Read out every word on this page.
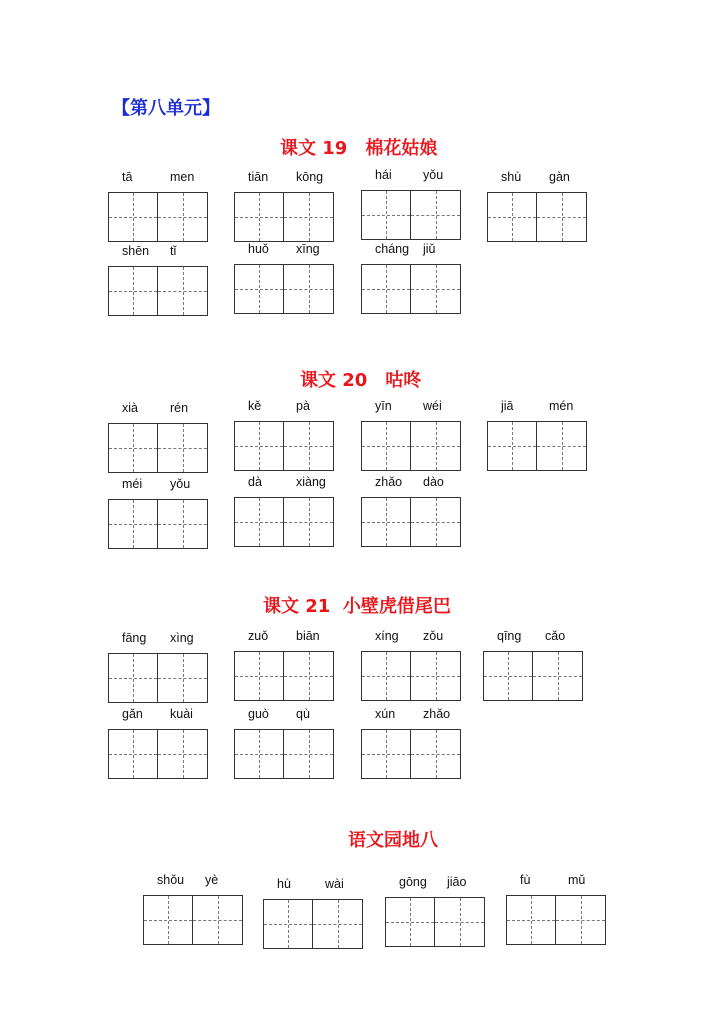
【第八单元】
课文 19　棉花姑娘
课文 20　咕咚
课文 21  小壁虎借尾巴
语文园地八
tā	men	tiān kōng	hái	yǒu	shù gàn
shēn tǐ	huǒ xīng	cháng jiǔ
xià	rén	kě	pà	yīn	wéi	jiā	mén
méi yǒu	dà	xiàng	zhǎo dào
fāng xìng	zuǒ biān	xíng zǒu	qīng cǎo
gǎn kuài	guò qù	xún zhǎo
shǒu yè	hù	wài	gōng jiāo	fù	mǔ
